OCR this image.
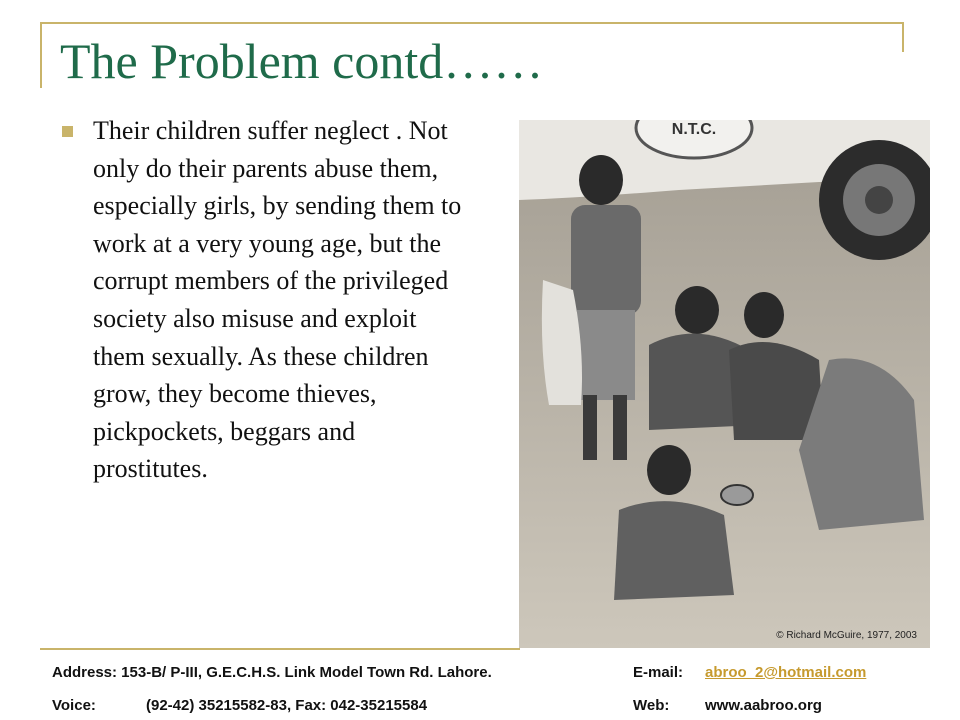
The Problem contd……

Their children suffer neglect . Not only do their parents abuse them, especially girls, by sending them to work at a very young age, but the corrupt members of the privileged society also misuse and exploit them sexually. As these children grow, they become thieves, pickpockets, beggars and prostitutes.

N.T.C.
© Richard McGuire, 1977, 2003
Address: 153-B/ P-III, G.E.C.H.S. Link Model Town Rd. Lahore.	E-mail: abroo_2@hotmail.com
Voice:	(92-42) 35215582-83, Fax: 042-35215584	Web: www.aabroo.org
